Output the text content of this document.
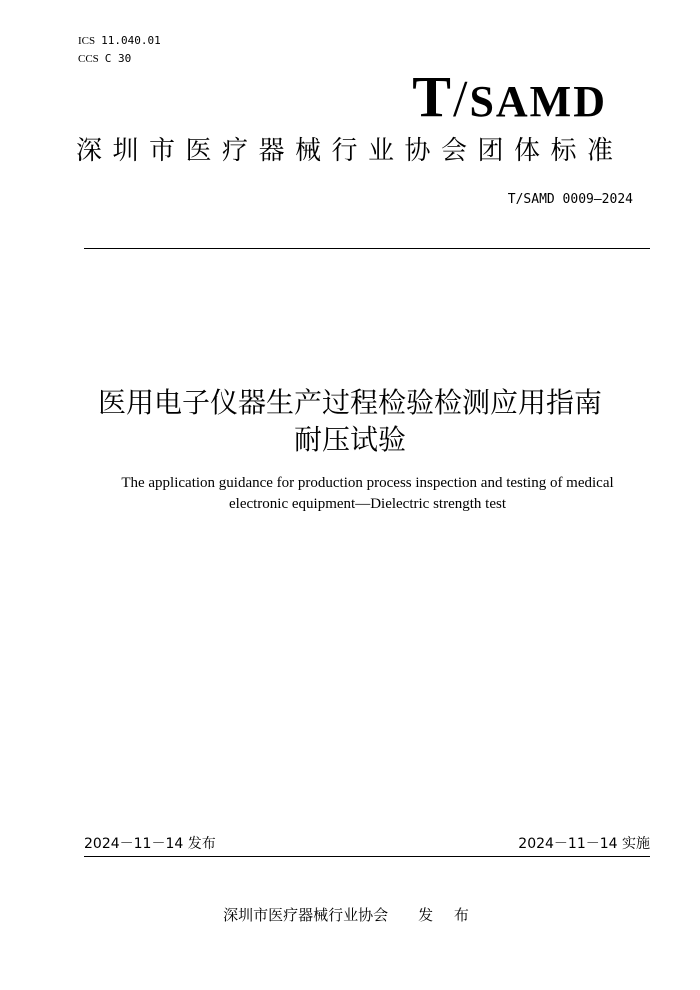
ICS 11.040.01
CCS C 30
T/SAMD
深圳市医疗器械行业协会团体标准
T/SAMD 0009—2024
医用电子仪器生产过程检验检测应用指南
耐压试验
The application guidance for production process inspection and testing of medical
electronic equipment—Dielectric strength test
2024－11－14 发布	2024－11－14 实施
深圳市医疗器械行业协会 发 布
